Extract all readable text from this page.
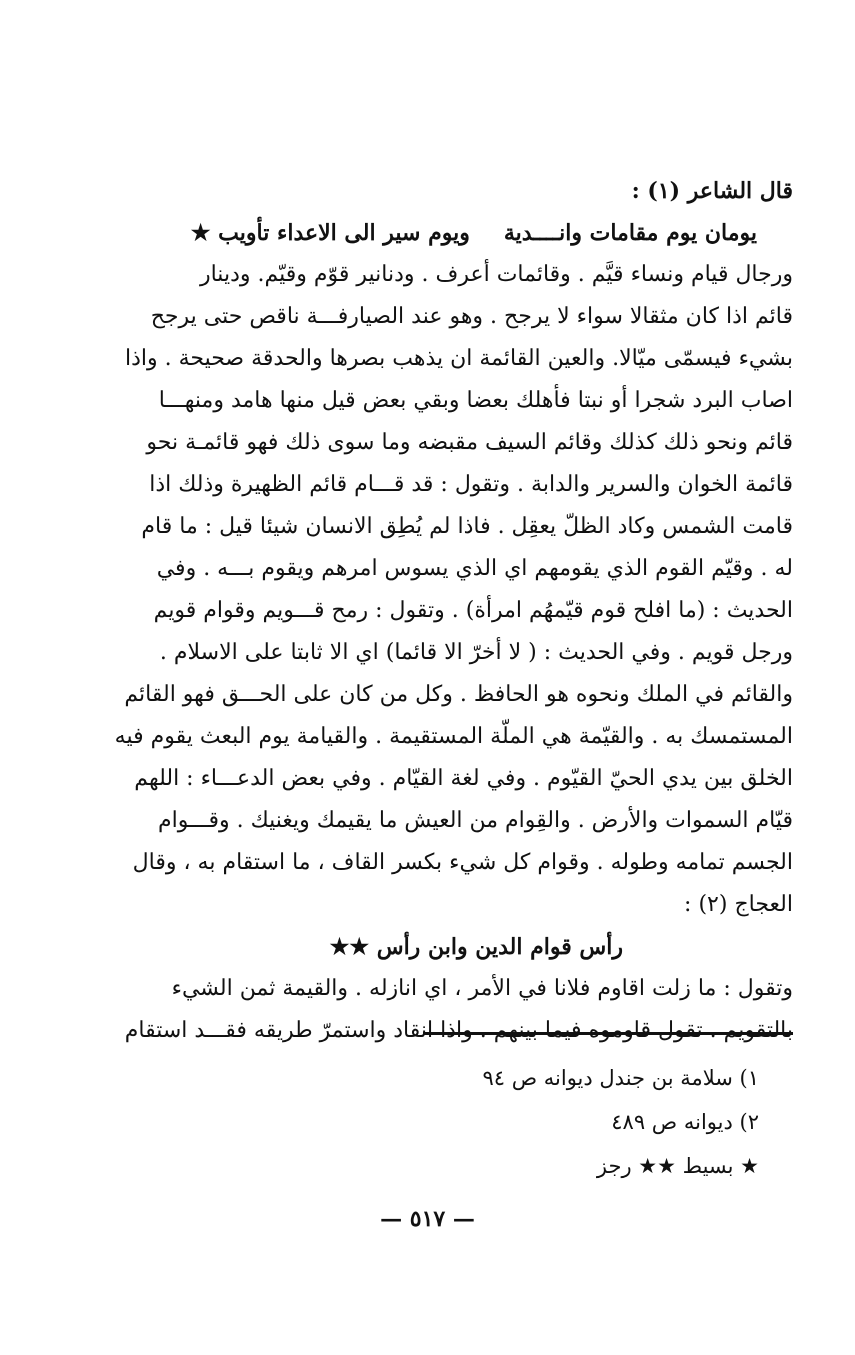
قال الشاعر (١) :

يومان يوم مقامات وانــــديةويوم سير الى الاعداء تأويب ★

ورجال قيام ونساء قيَّم . وقائمات أعرف . ودنانير قوّم وقيّم. ودينار
قائم اذا كان مثقالا سواء لا يرجح . وهو عند الصيارفـــة ناقص حتى يرجح
بشيء فيسمّى ميّالا. والعين القائمة ان يذهب بصرها والحدقة صحيحة . واذا
اصاب البرد شجرا أو نبتا فأهلك بعضا وبقي بعض قيل منها هامد ومنهـــا
قائم ونحو ذلك كذلك وقائم السيف مقبضه وما سوى ذلك فهو قائمـة نحو
قائمة الخوان والسرير والدابة . وتقول : قد قـــام قائم الظهيرة وذلك اذا
قامت الشمس وكاد الظلّ يعقِل . فاذا لم يُطِق الانسان شيئا قيل : ما قام
له . وقيّم القوم الذي يقومهم اي الذي يسوس امرهم ويقوم بـــه . وفي
الحديث : (ما افلح قوم قيّمهُم امرأة) . وتقول : رمح قـــويم وقوام قويم
ورجل قويم . وفي الحديث : ( لا أخرّ الا قائما) اي الا ثابتا على الاسلام .
والقائم في الملك ونحوه هو الحافظ . وكل من كان على الحـــق فهو القائم
المستمسك به . والقيّمة هي الملّة المستقيمة . والقيامة يوم البعث يقوم فيه
الخلق بين يدي الحيّ القيّوم . وفي لغة القيّام . وفي بعض الدعـــاء : اللهم
قيّام السموات والأرض . والقِوام من العيش ما يقيمك ويغنيك . وقـــوام
الجسم تمامه وطوله . وقوام كل شيء بكسر القاف ، ما استقام به ، وقال
العجاج (٢) :

رأس قوام الدين وابن رأس ★★

وتقول : ما زلت اقاوم فلانا في الأمر ، اي انازله . والقيمة ثمن الشيء
بالتقويم . تقول قاوموه فيما بينهم . واذا انقاد واستمرّ طريقه فقـــد استقام

١) سلامة بن جندل ديوانه ص ٩٤

٢) ديوانه ص ٤٨٩

★ بسيط ★★ رجز

— ٥١٧ —
